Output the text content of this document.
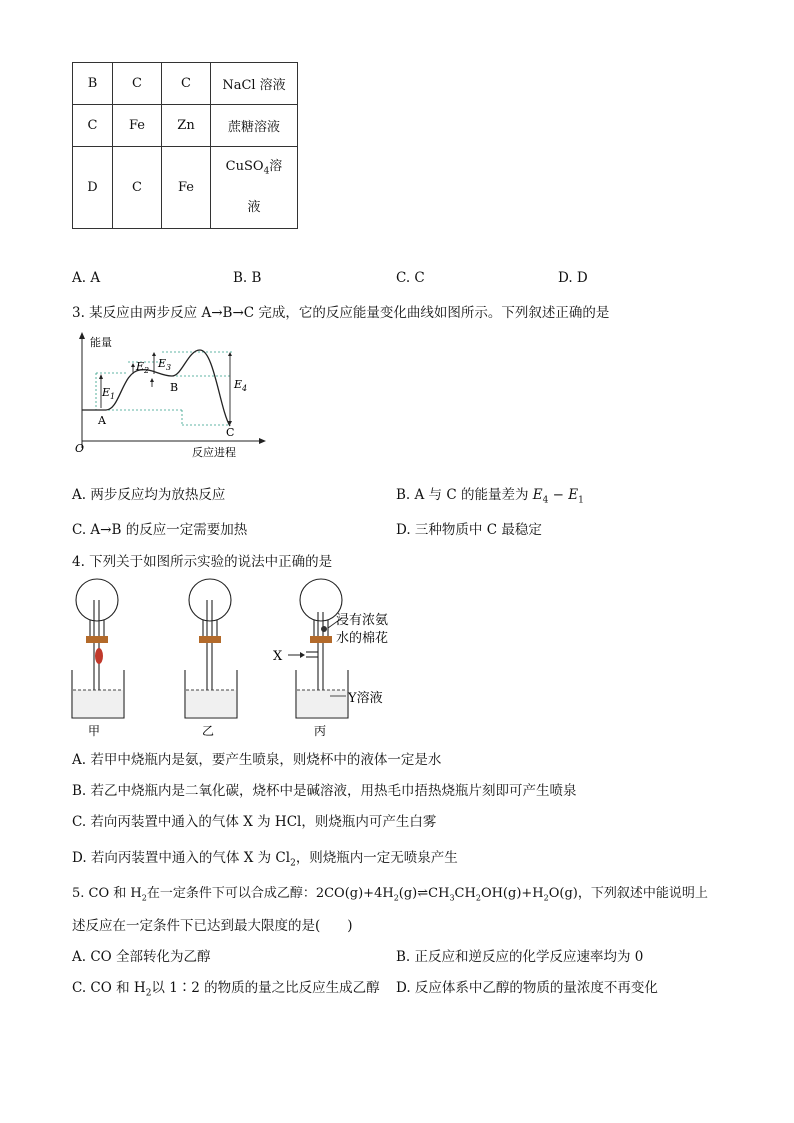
B	C	C	NaCl 溶液
C	Fe	Zn	蔗糖溶液
D	C	Fe	CuSO$_4$溶
液
A. A	B. B	C. C	D. D
3. 某反应由两步反应 A→B→C 完成，它的反应能量变化曲线如图所示。下列叙述正确的是
能量
O	反应进程
$E_1$
$E_2$
$E_3$
$E_4$
A
B
C
A. 两步反应均为放热反应	B. A 与 C 的能量差为 $E_4 - E_1$
C. A→B 的反应一定需要加热	D. 三种物质中 C 最稳定
4. 下列关于如图所示实验的说法中正确的是
甲	乙	丙
X
浸有浓氨
水的棉花
Y溶液
A. 若甲中烧瓶内是氨，要产生喷泉，则烧杯中的液体一定是水
B. 若乙中烧瓶内是二氧化碳，烧杯中是碱溶液，用热毛巾捂热烧瓶片刻即可产生喷泉
C. 若向丙装置中通入的气体 X 为 HCl，则烧瓶内可产生白雾
D. 若向丙装置中通入的气体 X 为 $Cl_2$，则烧瓶内一定无喷泉产生
5. CO 和 $H_2$在一定条件下可以合成乙醇：$2CO(g)+4H_2(g)\rightleftharpoons CH_3CH_2OH(g)+H_2O(g)$，下列叙述中能说明上
述反应在一定条件下已达到最大限度的是(　　)
A. CO 全部转化为乙醇	B. 正反应和逆反应的化学反应速率均为 0
C. CO 和 $H_2$以 1∶2 的物质的量之比反应生成乙醇 D. 反应体系中乙醇的物质的量浓度不再变化
